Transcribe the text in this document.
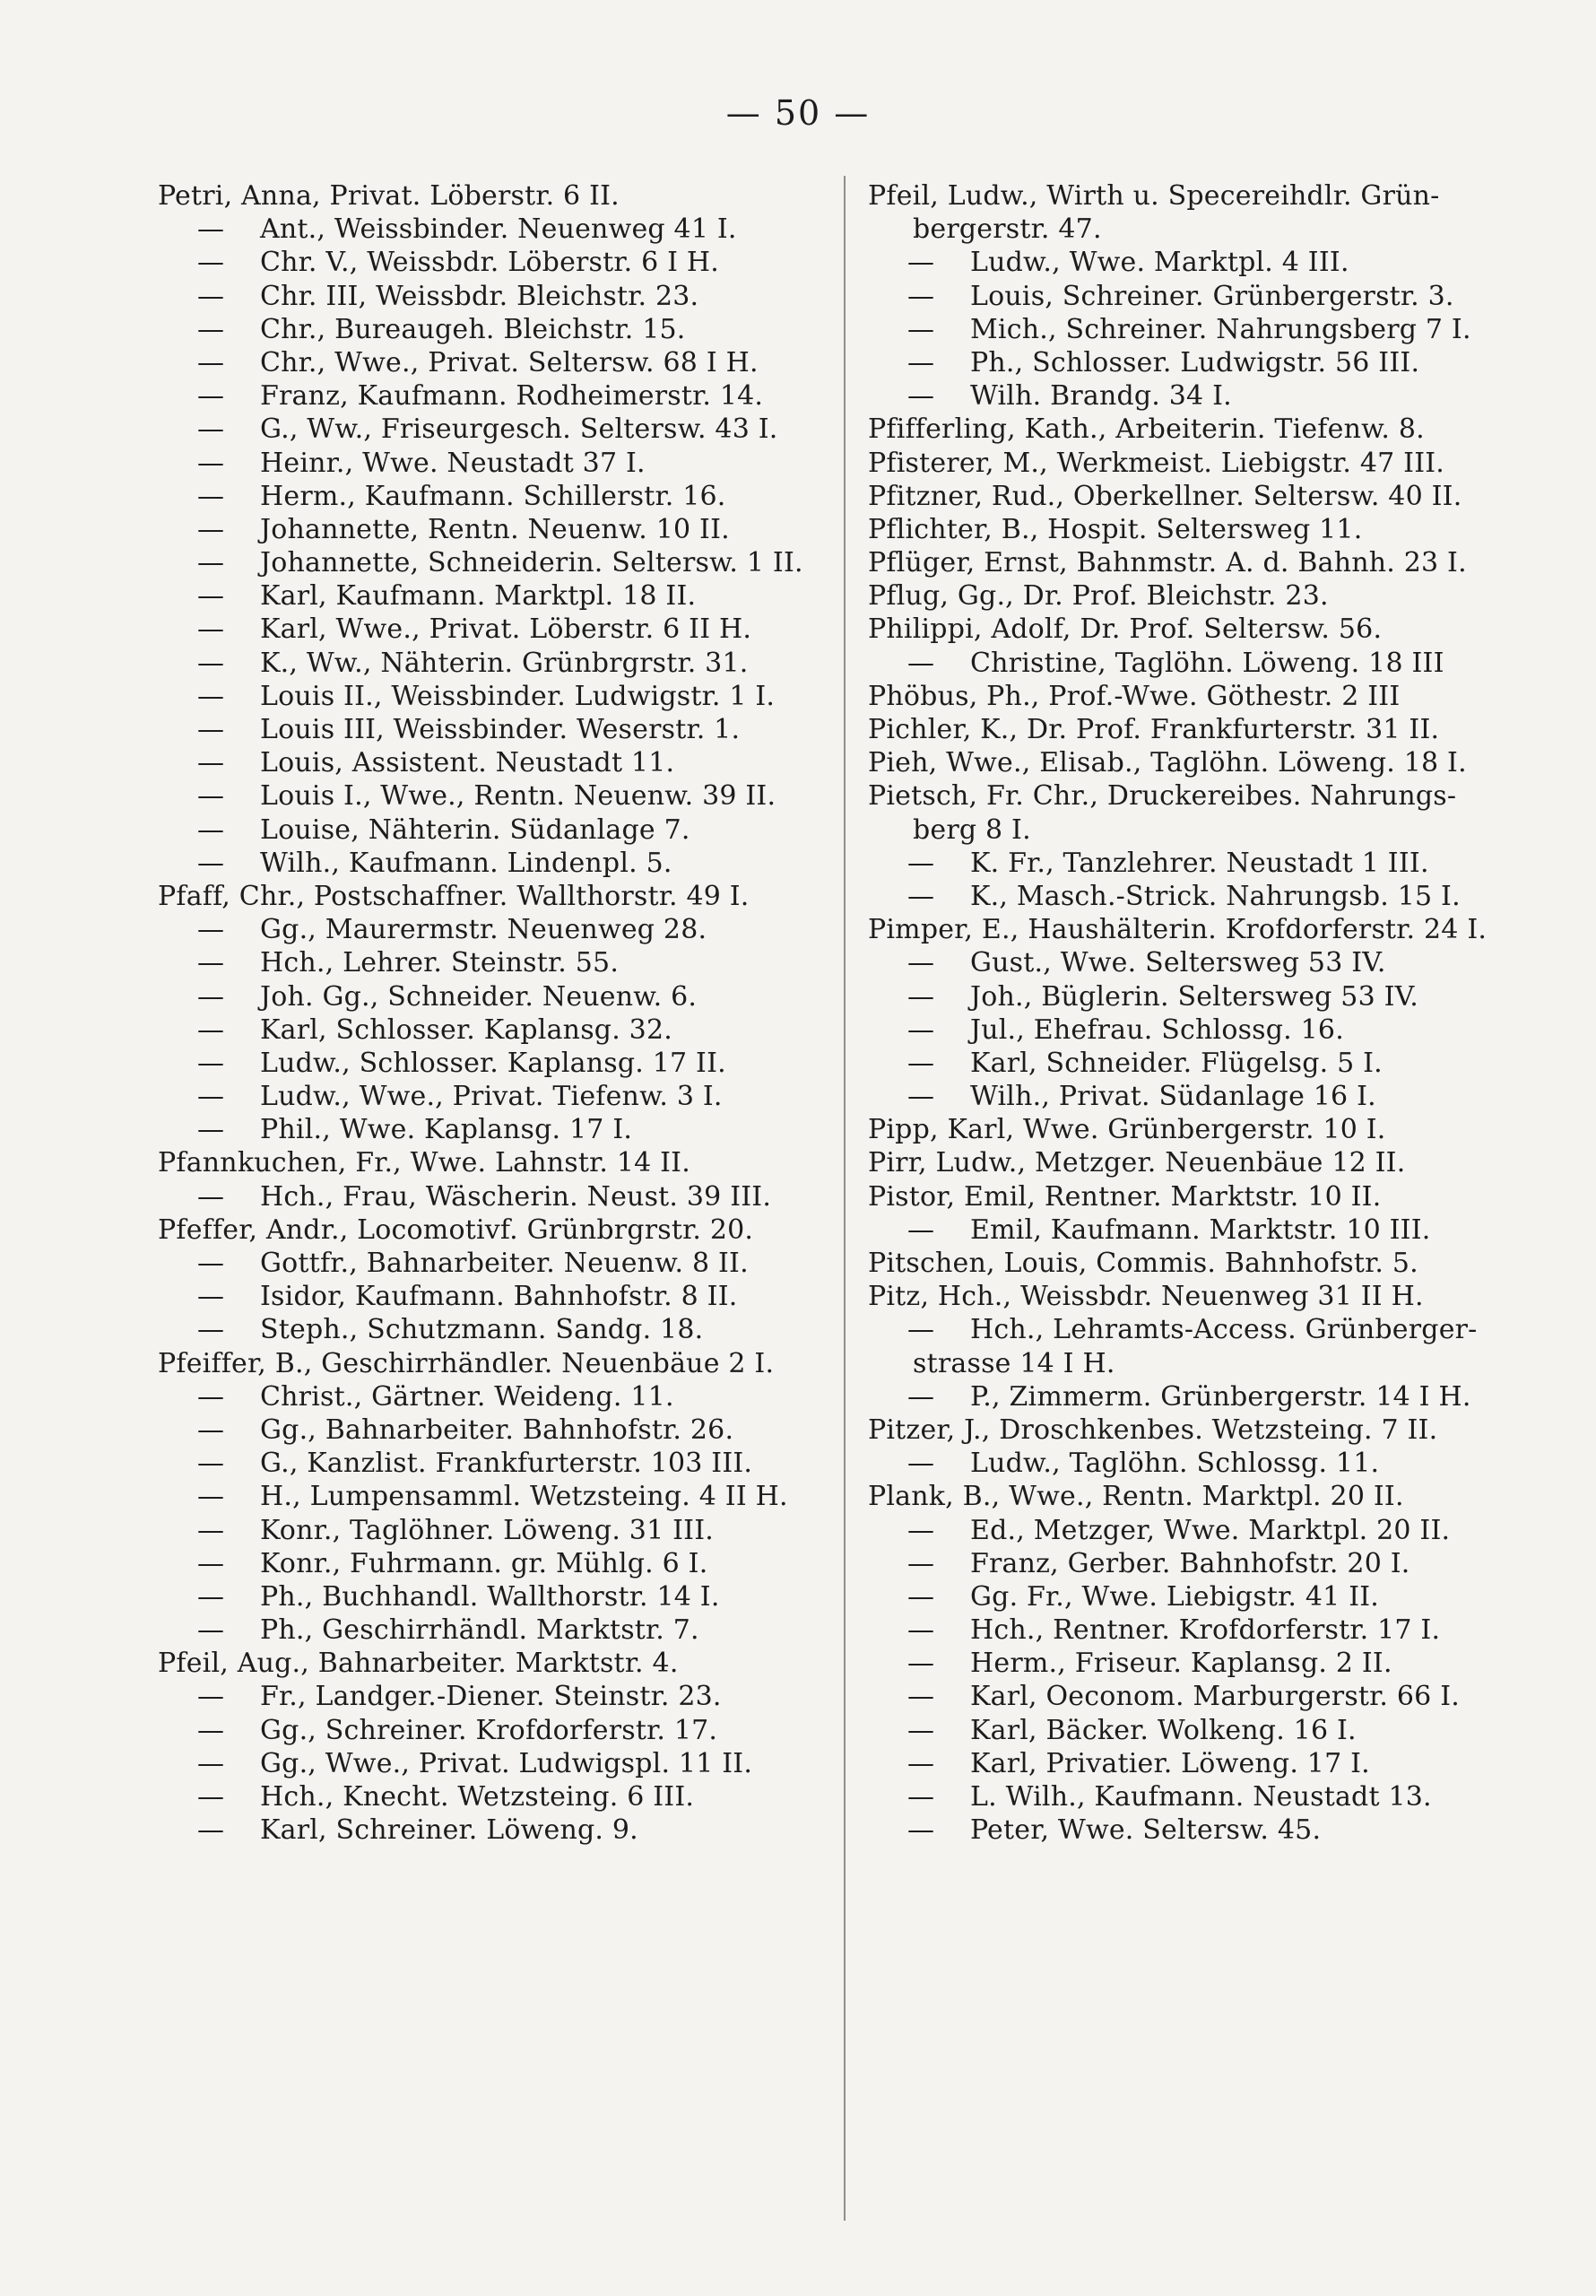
— 50 —
Petri, Anna, Privat. Löberstr. 6 II.
—	Ant., Weissbinder. Neuenweg 41 I.
—	Chr. V., Weissbdr. Löberstr. 6 I H.
—	Chr. III, Weissbdr. Bleichstr. 23.
—	Chr., Bureaugeh. Bleichstr. 15.
—	Chr., Wwe., Privat. Seltersw. 68 I H.
—	Franz, Kaufmann. Rodheimerstr. 14.
—	G., Ww., Friseurgesch. Seltersw. 43 I.
—	Heinr., Wwe. Neustadt 37 I.
—	Herm., Kaufmann. Schillerstr. 16.
—	Johannette, Rentn. Neuenw. 10 II.
—	Johannette, Schneiderin. Seltersw. 1 II.
—	Karl, Kaufmann. Marktpl. 18 II.
—	Karl, Wwe., Privat. Löberstr. 6 II H.
—	K., Ww., Nähterin. Grünbrgrstr. 31.
—	Louis II., Weissbinder. Ludwigstr. 1 I.
—	Louis III, Weissbinder. Weserstr. 1.
—	Louis, Assistent. Neustadt 11.
—	Louis I., Wwe., Rentn. Neuenw. 39 II.
—	Louise, Nähterin. Südanlage 7.
—	Wilh., Kaufmann. Lindenpl. 5.
Pfaff, Chr., Postschaffner. Wallthorstr. 49 I.
—	Gg., Maurermstr. Neuenweg 28.
—	Hch., Lehrer. Steinstr. 55.
—	Joh. Gg., Schneider. Neuenw. 6.
—	Karl, Schlosser. Kaplansg. 32.
—	Ludw., Schlosser. Kaplansg. 17 II.
—	Ludw., Wwe., Privat. Tiefenw. 3 I.
—	Phil., Wwe. Kaplansg. 17 I.
Pfannkuchen, Fr., Wwe. Lahnstr. 14 II.
—	Hch., Frau, Wäscherin. Neust. 39 III.
Pfeffer, Andr., Locomotivf. Grünbrgrstr. 20.
—	Gottfr., Bahnarbeiter. Neuenw. 8 II.
—	Isidor, Kaufmann. Bahnhofstr. 8 II.
—	Steph., Schutzmann. Sandg. 18.
Pfeiffer, B., Geschirrhändler. Neuenbäue 2 I.
—	Christ., Gärtner. Weideng. 11.
—	Gg., Bahnarbeiter. Bahnhofstr. 26.
—	G., Kanzlist. Frankfurterstr. 103 III.
—	H., Lumpensamml. Wetzsteing. 4 II H.
—	Konr., Taglöhner. Löweng. 31 III.
—	Konr., Fuhrmann. gr. Mühlg. 6 I.
—	Ph., Buchhandl. Wallthorstr. 14 I.
—	Ph., Geschirrhändl. Marktstr. 7.
Pfeil, Aug., Bahnarbeiter. Marktstr. 4.
—	Fr., Landger.-Diener. Steinstr. 23.
—	Gg., Schreiner. Krofdorferstr. 17.
—	Gg., Wwe., Privat. Ludwigspl. 11 II.
—	Hch., Knecht. Wetzsteing. 6 III.
—	Karl, Schreiner. Löweng. 9.
Pfeil, Ludw., Wirth u. Specereihdlr. Grün-
bergerstr. 47.
—	Ludw., Wwe. Marktpl. 4 III.
—	Louis, Schreiner. Grünbergerstr. 3.
—	Mich., Schreiner. Nahrungsberg 7 I.
—	Ph., Schlosser. Ludwigstr. 56 III.
—	Wilh. Brandg. 34 I.
Pfifferling, Kath., Arbeiterin. Tiefenw. 8.
Pfisterer, M., Werkmeist. Liebigstr. 47 III.
Pfitzner, Rud., Oberkellner. Seltersw. 40 II.
Pflichter, B., Hospit. Seltersweg 11.
Pflüger, Ernst, Bahnmstr. A. d. Bahnh. 23 I.
Pflug, Gg., Dr. Prof. Bleichstr. 23.
Philippi, Adolf, Dr. Prof. Seltersw. 56.
—	Christine, Taglöhn. Löweng. 18 III
Phöbus, Ph., Prof.-Wwe. Göthestr. 2 III
Pichler, K., Dr. Prof. Frankfurterstr. 31 II.
Pieh, Wwe., Elisab., Taglöhn. Löweng. 18 I.
Pietsch, Fr. Chr., Druckereibes. Nahrungs-
berg 8 I.
—	K. Fr., Tanzlehrer. Neustadt 1 III.
—	K., Masch.-Strick. Nahrungsb. 15 I.
Pimper, E., Haushälterin. Krofdorferstr. 24 I.
—	Gust., Wwe. Seltersweg 53 IV.
—	Joh., Büglerin. Seltersweg 53 IV.
—	Jul., Ehefrau. Schlossg. 16.
—	Karl, Schneider. Flügelsg. 5 I.
—	Wilh., Privat. Südanlage 16 I.
Pipp, Karl, Wwe. Grünbergerstr. 10 I.
Pirr, Ludw., Metzger. Neuenbäue 12 II.
Pistor, Emil, Rentner. Marktstr. 10 II.
—	Emil, Kaufmann. Marktstr. 10 III.
Pitschen, Louis, Commis. Bahnhofstr. 5.
Pitz, Hch., Weissbdr. Neuenweg 31 II H.
—	Hch., Lehramts-Access. Grünberger-
strasse 14 I H.
—	P., Zimmerm. Grünbergerstr. 14 I H.
Pitzer, J., Droschkenbes. Wetzsteing. 7 II.
—	Ludw., Taglöhn. Schlossg. 11.
Plank, B., Wwe., Rentn. Marktpl. 20 II.
—	Ed., Metzger, Wwe. Marktpl. 20 II.
—	Franz, Gerber. Bahnhofstr. 20 I.
—	Gg. Fr., Wwe. Liebigstr. 41 II.
—	Hch., Rentner. Krofdorferstr. 17 I.
—	Herm., Friseur. Kaplansg. 2 II.
—	Karl, Oeconom. Marburgerstr. 66 I.
—	Karl, Bäcker. Wolkeng. 16 I.
—	Karl, Privatier. Löweng. 17 I.
—	L. Wilh., Kaufmann. Neustadt 13.
—	Peter, Wwe. Seltersw. 45.
